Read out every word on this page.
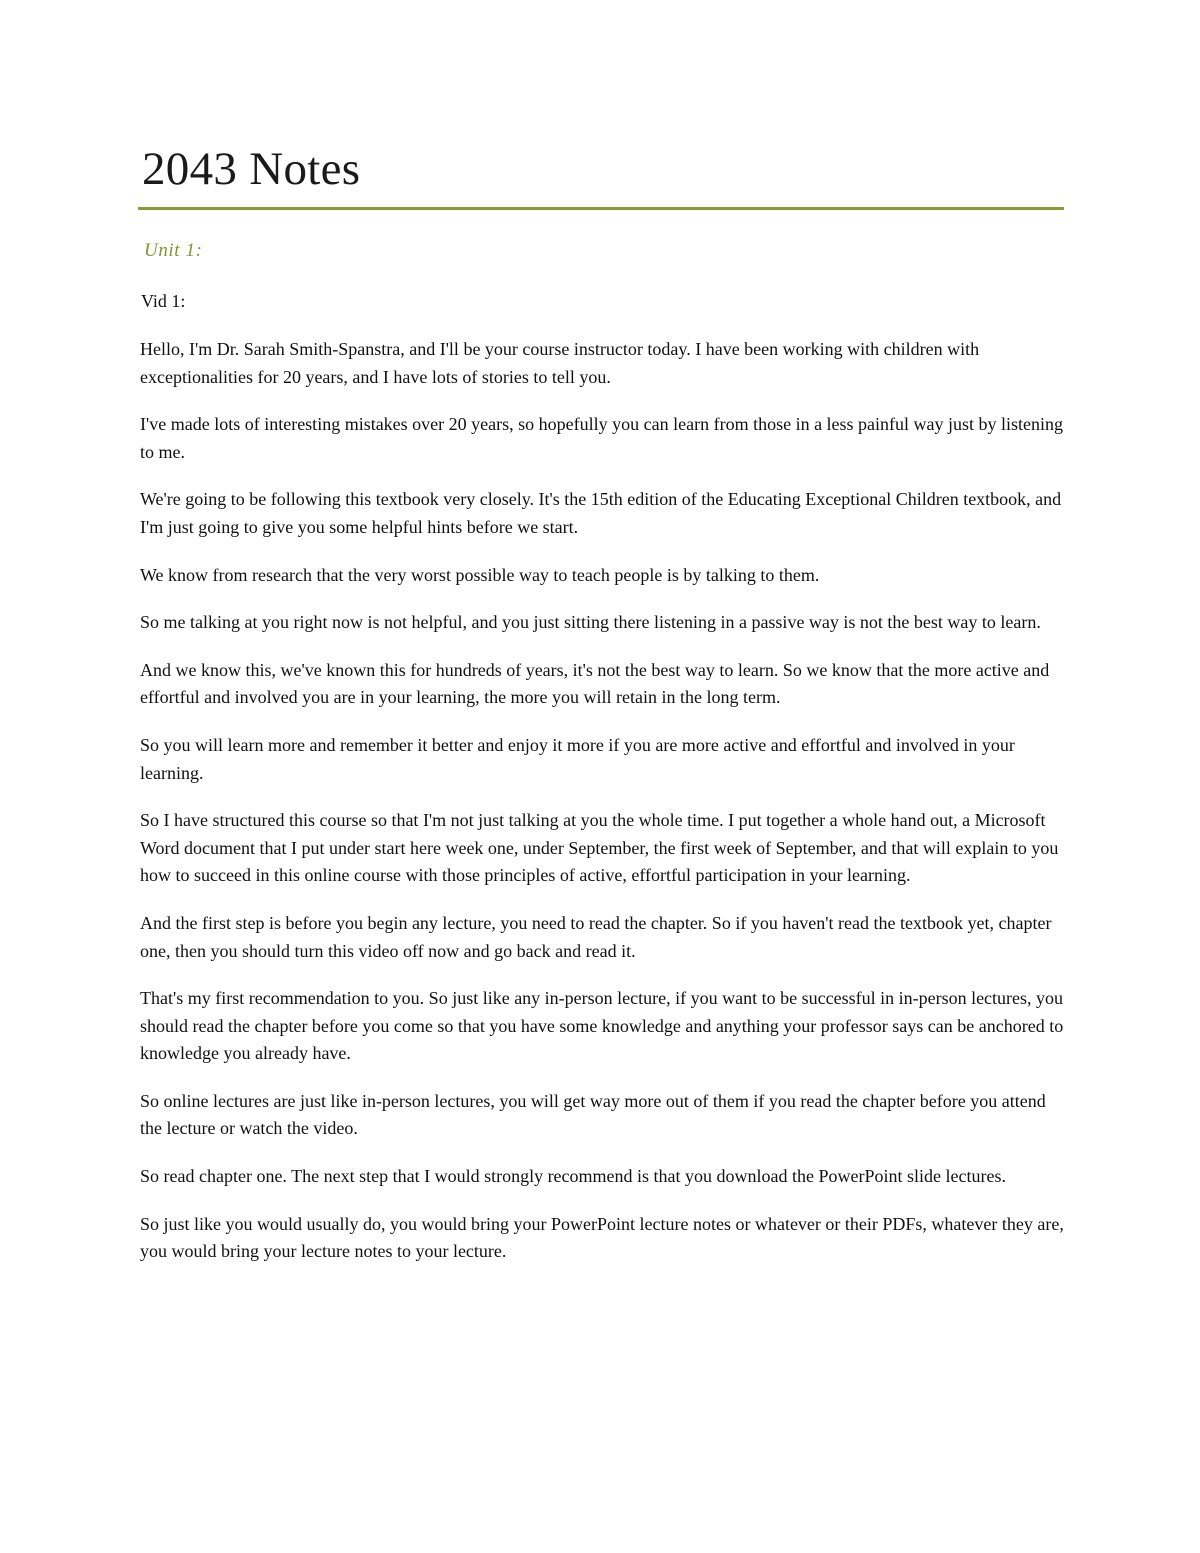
2043 Notes
Unit 1:
Vid 1:

Hello, I'm Dr. Sarah Smith-Spanstra, and I'll be your course instructor today. I have been working with children with exceptionalities for 20 years, and I have lots of stories to tell you.

I've made lots of interesting mistakes over 20 years, so hopefully you can learn from those in a less painful way just by listening to me.

We're going to be following this textbook very closely. It's the 15th edition of the Educating Exceptional Children textbook, and I'm just going to give you some helpful hints before we start.

We know from research that the very worst possible way to teach people is by talking to them.

So me talking at you right now is not helpful, and you just sitting there listening in a passive way is not the best way to learn.

And we know this, we've known this for hundreds of years, it's not the best way to learn. So we know that the more active and effortful and involved you are in your learning, the more you will retain in the long term.

So you will learn more and remember it better and enjoy it more if you are more active and effortful and involved in your learning.

So I have structured this course so that I'm not just talking at you the whole time. I put together a whole hand out, a Microsoft Word document that I put under start here week one, under September, the first week of September, and that will explain to you how to succeed in this online course with those principles of active, effortful participation in your learning.

And the first step is before you begin any lecture, you need to read the chapter. So if you haven't read the textbook yet, chapter one, then you should turn this video off now and go back and read it.

That's my first recommendation to you. So just like any in-person lecture, if you want to be successful in in-person lectures, you should read the chapter before you come so that you have some knowledge and anything your professor says can be anchored to knowledge you already have.

So online lectures are just like in-person lectures, you will get way more out of them if you read the chapter before you attend the lecture or watch the video.

So read chapter one. The next step that I would strongly recommend is that you download the PowerPoint slide lectures.

So just like you would usually do, you would bring your PowerPoint lecture notes or whatever or their PDFs, whatever they are, you would bring your lecture notes to your lecture.
